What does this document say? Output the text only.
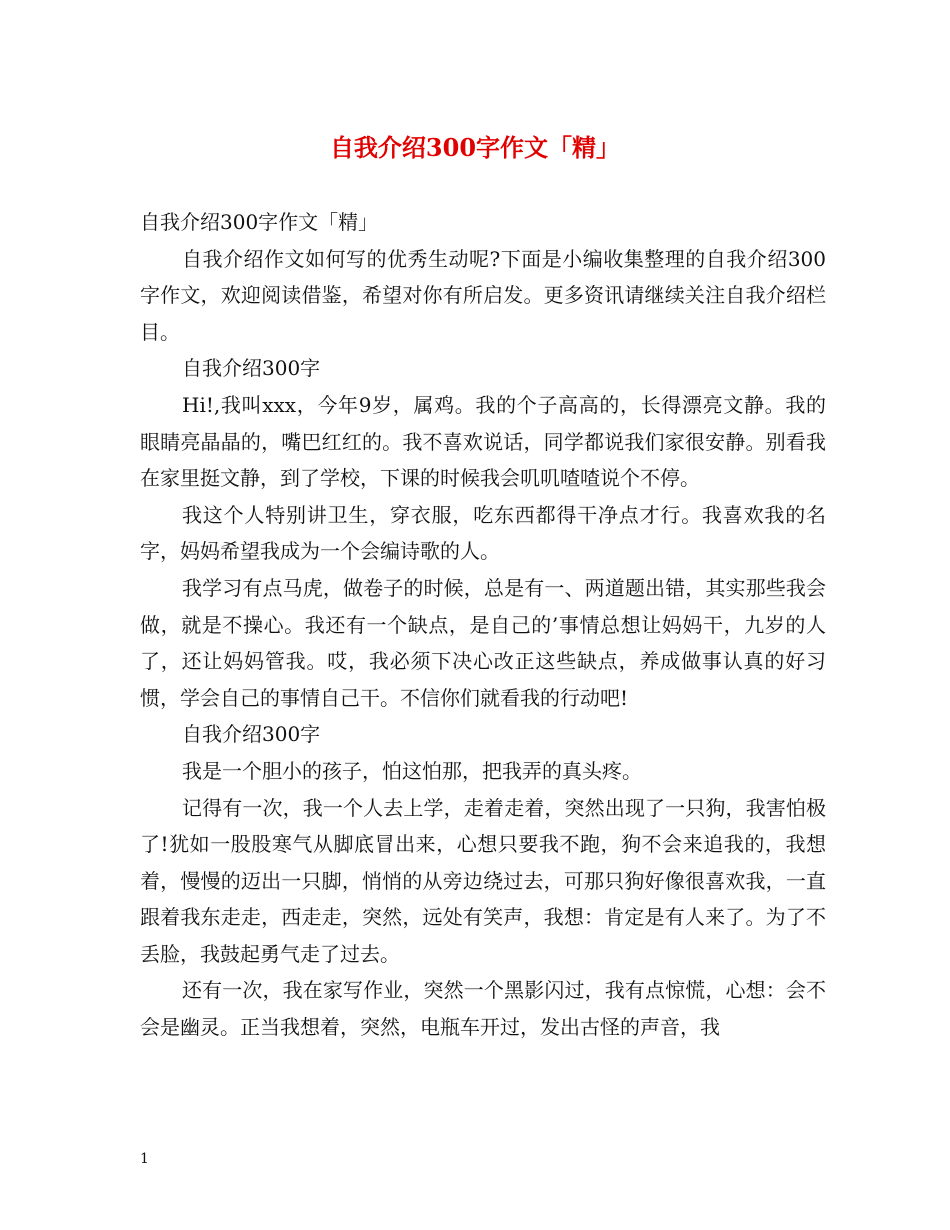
自我介绍300字作文「精」

自我介绍300字作文「精」

自我介绍作文如何写的优秀生动呢?下面是小编收集整理的自我介绍300字作文，欢迎阅读借鉴，希望对你有所启发。更多资讯请继续关注自我介绍栏目。

自我介绍300字

Hi!,我叫xxx，今年9岁，属鸡。我的个子高高的，长得漂亮文静。我的眼睛亮晶晶的，嘴巴红红的。我不喜欢说话，同学都说我们家很安静。别看我在家里挺文静，到了学校，下课的时候我会叽叽喳喳说个不停。

我这个人特别讲卫生，穿衣服，吃东西都得干净点才行。我喜欢我的名字，妈妈希望我成为一个会编诗歌的人。

我学习有点马虎，做卷子的时候，总是有一、两道题出错，其实那些我会做，就是不操心。我还有一个缺点，是自己的’事情总想让妈妈干，九岁的人了，还让妈妈管我。哎，我必须下决心改正这些缺点，养成做事认真的好习惯，学会自己的事情自己干。不信你们就看我的行动吧!

自我介绍300字

我是一个胆小的孩子，怕这怕那，把我弄的真头疼。

记得有一次，我一个人去上学，走着走着，突然出现了一只狗，我害怕极了!犹如一股股寒气从脚底冒出来，心想只要我不跑，狗不会来追我的，我想着，慢慢的迈出一只脚，悄悄的从旁边绕过去，可那只狗好像很喜欢我，一直跟着我东走走，西走走，突然，远处有笑声，我想：肯定是有人来了。为了不丢脸，我鼓起勇气走了过去。

还有一次，我在家写作业，突然一个黑影闪过，我有点惊慌，心想：会不会是幽灵。正当我想着，突然，电瓶车开过，发出古怪的声音，我

1
